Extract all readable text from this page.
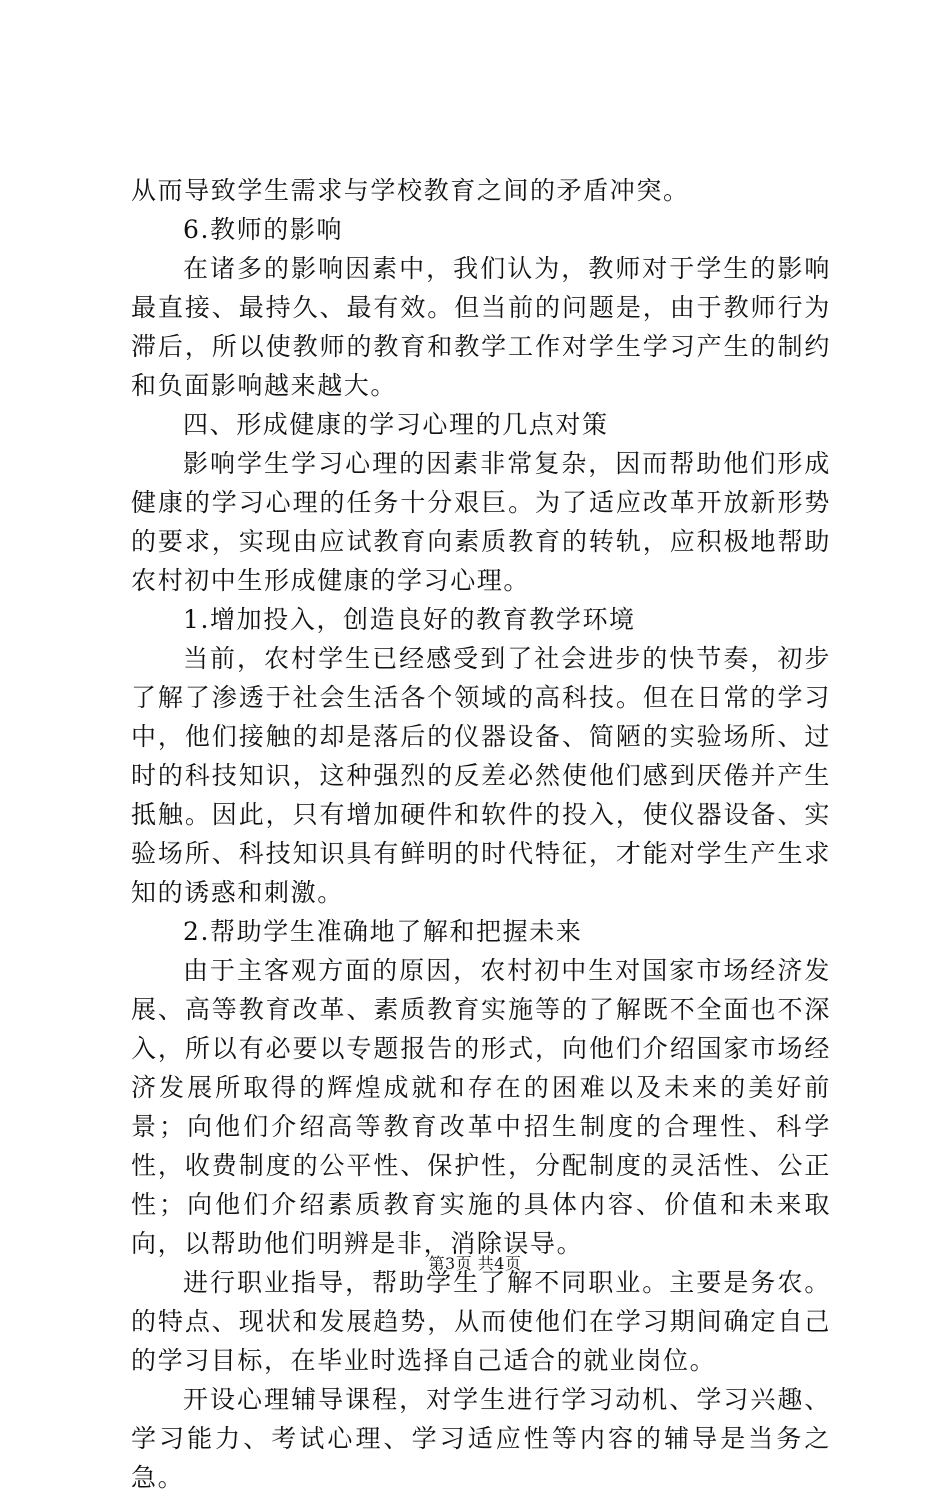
从而导致学生需求与学校教育之间的矛盾冲突。

6.教师的影响

在诸多的影响因素中，我们认为，教师对于学生的影响最直接、最持久、最有效。但当前的问题是，由于教师行为滞后，所以使教师的教育和教学工作对学生学习产生的制约和负面影响越来越大。

四、形成健康的学习心理的几点对策

影响学生学习心理的因素非常复杂，因而帮助他们形成健康的学习心理的任务十分艰巨。为了适应改革开放新形势的要求，实现由应试教育向素质教育的转轨，应积极地帮助农村初中生形成健康的学习心理。

1.增加投入，创造良好的教育教学环境

当前，农村学生已经感受到了社会进步的快节奏，初步了解了渗透于社会生活各个领域的高科技。但在日常的学习中，他们接触的却是落后的仪器设备、简陋的实验场所、过时的科技知识，这种强烈的反差必然使他们感到厌倦并产生抵触。因此，只有增加硬件和软件的投入，使仪器设备、实验场所、科技知识具有鲜明的时代特征，才能对学生产生求知的诱惑和刺激。

2.帮助学生准确地了解和把握未来

由于主客观方面的原因，农村初中生对国家市场经济发展、高等教育改革、素质教育实施等的了解既不全面也不深入，所以有必要以专题报告的形式，向他们介绍国家市场经济发展所取得的辉煌成就和存在的困难以及未来的美好前景；向他们介绍高等教育改革中招生制度的合理性、科学性，收费制度的公平性、保护性，分配制度的灵活性、公正性；向他们介绍素质教育实施的具体内容、价值和未来取向，以帮助他们明辨是非，消除误导。

进行职业指导，帮助学生了解不同职业。主要是务农。的特点、现状和发展趋势，从而使他们在学习期间确定自己的学习目标，在毕业时选择自己适合的就业岗位。

开设心理辅导课程，对学生进行学习动机、学习兴趣、学习能力、考试心理、学习适应性等内容的辅导是当务之急。

第3页 共4页
